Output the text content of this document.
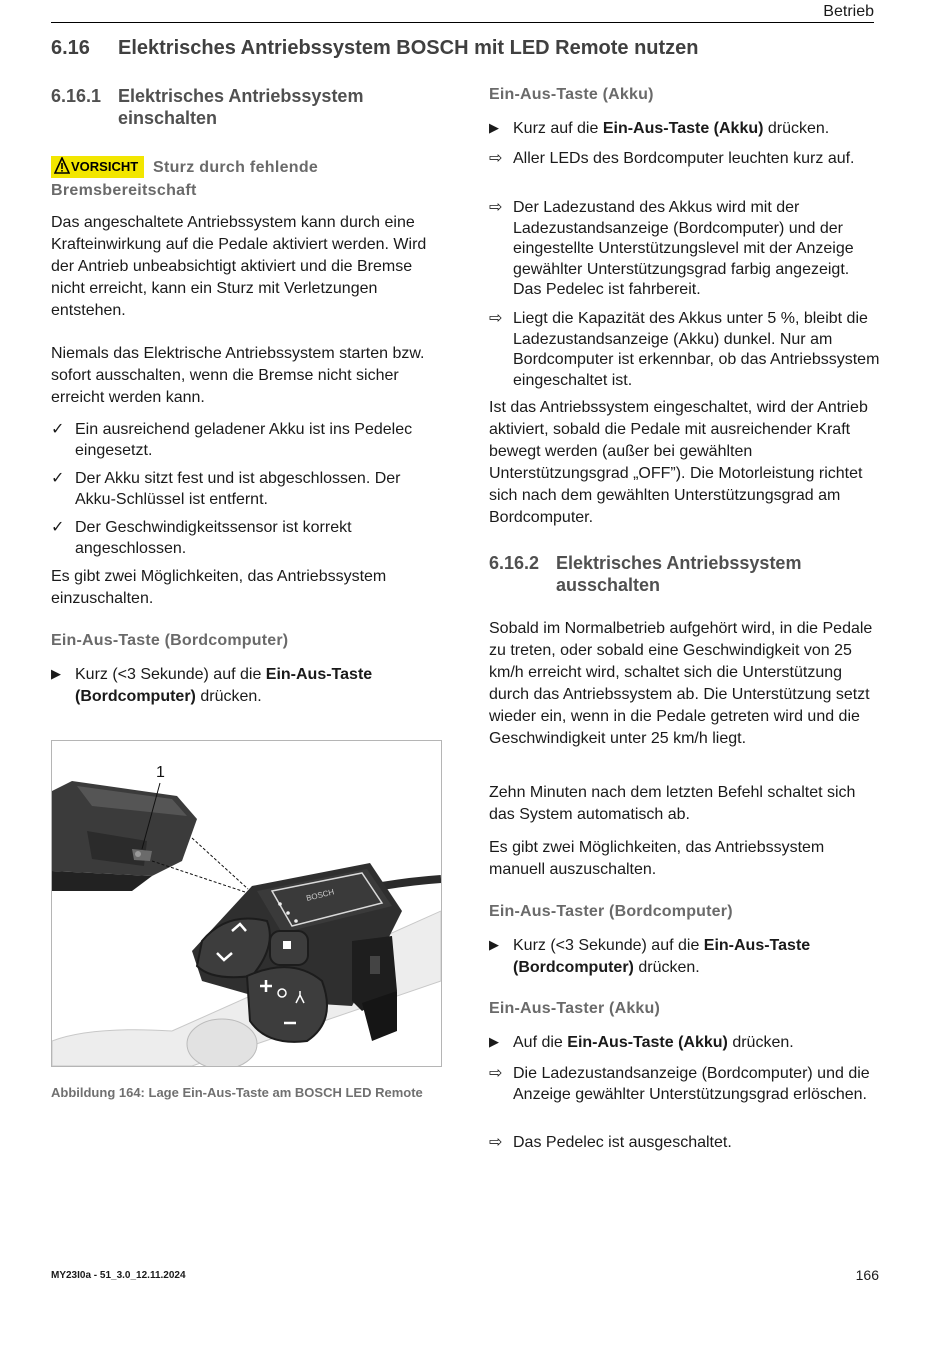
Betrieb
6.16 Elektrisches Antriebssystem BOSCH mit LED Remote nutzen
6.16.1 Elektrisches Antriebssystem einschalten
Sturz durch fehlende Bremsbereitschaft
VORSICHT
Das angeschaltete Antriebssystem kann durch eine Krafteinwirkung auf die Pedale aktiviert werden. Wird der Antrieb unbeabsichtigt aktiviert und die Bremse nicht erreicht, kann ein Sturz mit Verletzungen entstehen.
Niemals das Elektrische Antriebssystem starten bzw. sofort ausschalten, wenn die Bremse nicht sicher erreicht werden kann.
✓ Ein ausreichend geladener Akku ist ins Pedelec eingesetzt.
✓ Der Akku sitzt fest und ist abgeschlossen. Der Akku-Schlüssel ist entfernt.
✓ Der Geschwindigkeitssensor ist korrekt angeschlossen.
Es gibt zwei Möglichkeiten, das Antriebssystem einzuschalten.
Ein-Aus-Taste (Bordcomputer)
▶ Kurz (<3 Sekunde) auf die Ein-Aus-Taste (Bordcomputer) drücken.
1
BOSCH
Abbildung 164: Lage Ein-Aus-Taste am BOSCH LED Remote
Ein-Aus-Taste (Akku)
▶ Kurz auf die Ein-Aus-Taste (Akku) drücken.
⇨ Aller LEDs des Bordcomputer leuchten kurz auf.
⇨ Der Ladezustand des Akkus wird mit der Ladezustandsanzeige (Bordcomputer) und der eingestellte Unterstützungslevel mit der Anzeige gewählter Unterstützungsgrad farbig angezeigt. Das Pedelec ist fahrbereit.
⇨ Liegt die Kapazität des Akkus unter 5 %, bleibt die Ladezustandsanzeige (Akku) dunkel. Nur am Bordcomputer ist erkennbar, ob das Antriebssystem eingeschaltet ist.
Ist das Antriebssystem eingeschaltet, wird der Antrieb aktiviert, sobald die Pedale mit ausreichender Kraft bewegt werden (außer bei gewählten Unterstützungsgrad „OFF”). Die Motorleistung richtet sich nach dem gewählten Unterstützungsgrad am Bordcomputer.
6.16.2 Elektrisches Antriebssystem ausschalten
Sobald im Normalbetrieb aufgehört wird, in die Pedale zu treten, oder sobald eine Geschwindigkeit von 25 km/h erreicht wird, schaltet sich die Unterstützung durch das Antriebssystem ab. Die Unterstützung setzt wieder ein, wenn in die Pedale getreten wird und die Geschwindigkeit unter 25 km/h liegt.
Zehn Minuten nach dem letzten Befehl schaltet sich das System automatisch ab.
Es gibt zwei Möglichkeiten, das Antriebssystem manuell auszuschalten.
Ein-Aus-Taster (Bordcomputer)
▶ Kurz (<3 Sekunde) auf die Ein-Aus-Taste (Bordcomputer) drücken.
Ein-Aus-Taster (Akku)
▶ Auf die Ein-Aus-Taste (Akku) drücken.
⇨ Die Ladezustandsanzeige (Bordcomputer) und die Anzeige gewählter Unterstützungsgrad erlöschen.
⇨ Das Pedelec ist ausgeschaltet.
MY23I0a - 51_3.0_12.11.2024	166
